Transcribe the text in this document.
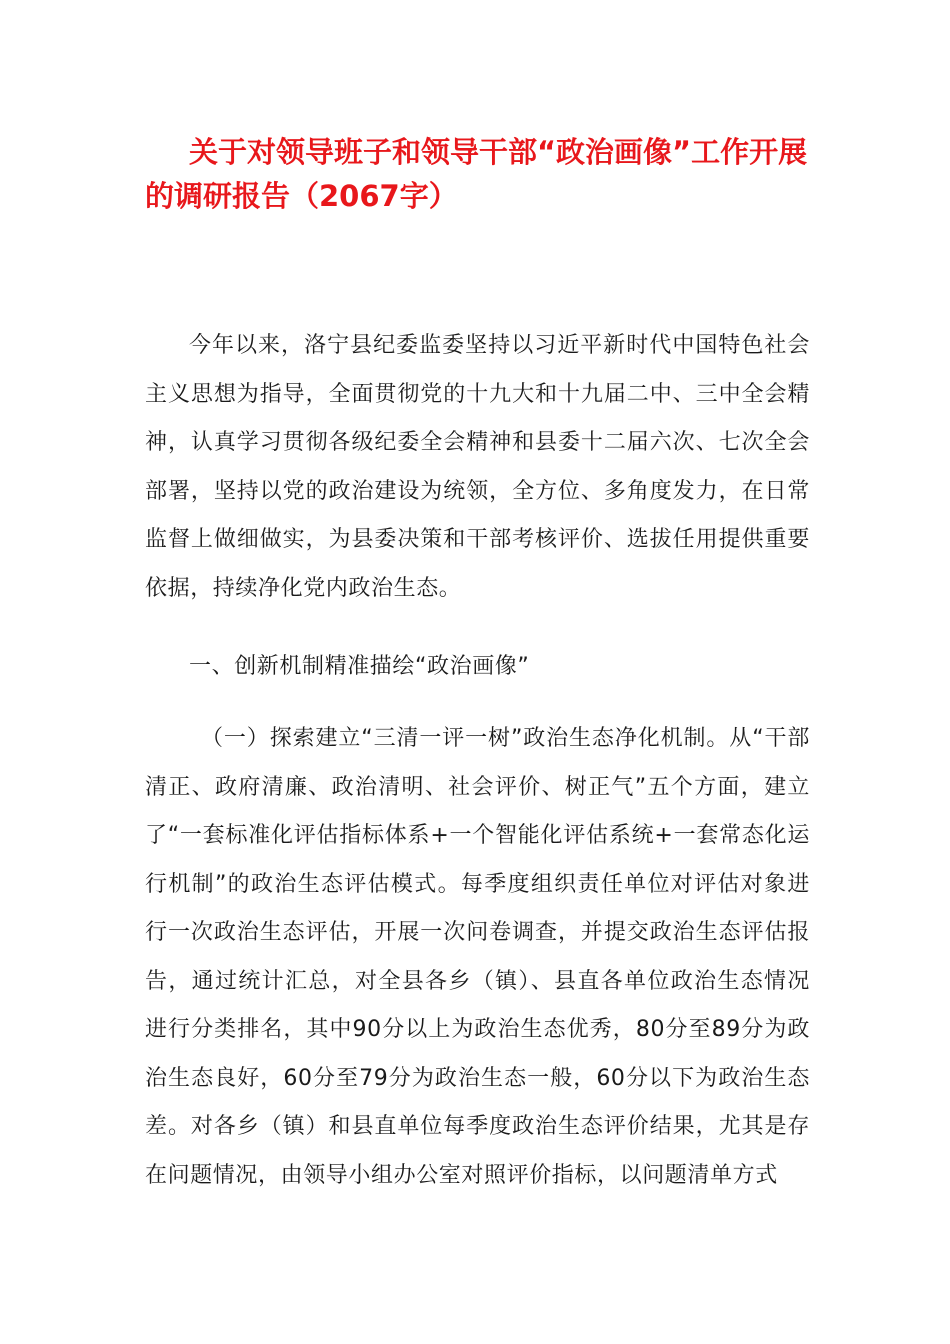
关于对领导班子和领导干部“政治画像”工作开展的调研报告（2067字）

今年以来，洛宁县纪委监委坚持以习近平新时代中国特色社会主义思想为指导，全面贯彻党的十九大和十九届二中、三中全会精神，认真学习贯彻各级纪委全会精神和县委十二届六次、七次全会部署，坚持以党的政治建设为统领，全方位、多角度发力，在日常监督上做细做实，为县委决策和干部考核评价、选拔任用提供重要依据，持续净化党内政治生态。

一、创新机制精准描绘“政治画像”

（一）探索建立“三清一评一树”政治生态净化机制。从“干部清正、政府清廉、政治清明、社会评价、树正气”五个方面，建立了“一套标准化评估指标体系+一个智能化评估系统+一套常态化运行机制”的政治生态评估模式。每季度组织责任单位对评估对象进行一次政治生态评估，开展一次问卷调查，并提交政治生态评估报告，通过统计汇总，对全县各乡（镇）、县直各单位政治生态情况进行分类排名，其中90分以上为政治生态优秀，80分至89分为政治生态良好，60分至79分为政治生态一般，60分以下为政治生态差。对各乡（镇）和县直单位每季度政治生态评价结果，尤其是存在问题情况，由领导小组办公室对照评价指标，以问题清单方式
